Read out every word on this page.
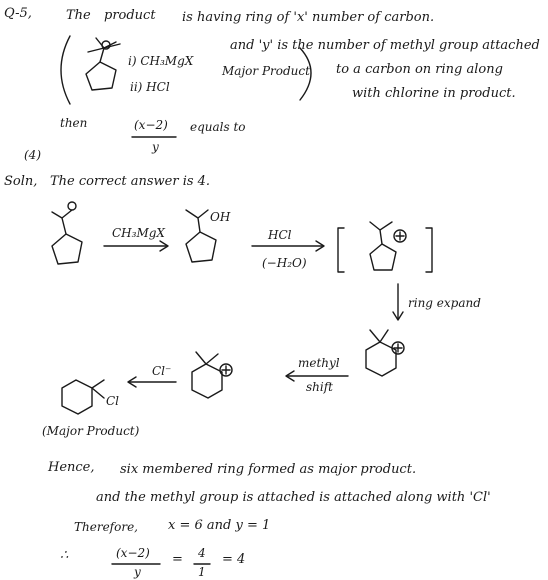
Q-5,	The product is having ring of 'x' number of carbon.
and 'y' is the number of methyl group attached
to a carbon on ring along
with chlorine in product.
i) CH₃MgX
ii) HCl
Major Product
then	(x−2)
y
equals to
(4)
Soln, The correct answer is 4.
CH₃MgX
OH
HCl
(−H₂O)
ring expand
methyl
shift
Cl⁻
Cl
(Major Product)
Hence, six membered ring formed as major product.
and the methyl group is attached is attached along with 'Cl'
Therefore, x = 6 and y = 1
∴	(x−2)
y
= 4
1
= 4
